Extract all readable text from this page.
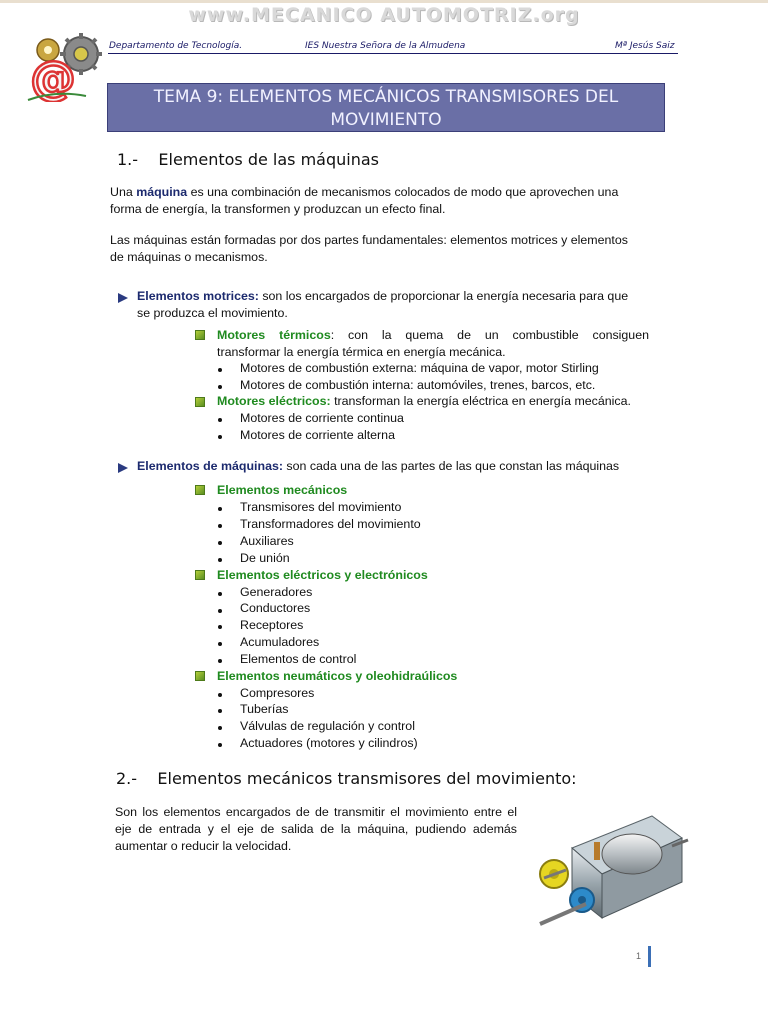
www.MECANICO AUTOMOTRIZ.org
@
Departamento de Tecnología.	IES Nuestra Señora de la Almudena	Mª Jesús Saiz
TEMA 9: ELEMENTOS MECÁNICOS TRANSMISORES DEL
MOVIMIENTO
1.-    Elementos de las máquinas
Una máquina es una combinación de mecanismos colocados de modo que aprovechen una
forma de energía, la transformen y produzcan un efecto final.
Las máquinas están formadas por dos partes fundamentales: elementos motrices y elementos
de máquinas o mecanismos.
Elementos motrices: son los encargados de proporcionar la energía necesaria para que
se produzca el movimiento.
Motores térmicos: con la quema de un combustible consiguen
transformar la energía térmica en energía mecánica.
Motores de combustión externa: máquina de vapor, motor Stirling
Motores de combustión interna: automóviles, trenes, barcos, etc.
Motores eléctricos: transforman la energía eléctrica en energía mecánica.
Motores de corriente continua
Motores de corriente alterna
Elementos de máquinas: son cada una de las partes de las que constan las máquinas
Elementos mecánicos
Transmisores del movimiento
Transformadores del movimiento
Auxiliares
De unión
Elementos eléctricos y electrónicos
Generadores
Conductores
Receptores
Acumuladores
Elementos de control
Elementos neumáticos y oleohidraúlicos
Compresores
Tuberías
Válvulas de regulación y control
Actuadores (motores y cilindros)
2.-    Elementos mecánicos transmisores del movimiento:
Son los elementos encargados de de transmitir el movimiento entre el
eje de entrada y el eje de salida de la máquina, pudiendo además
aumentar o reducir la velocidad.
1
